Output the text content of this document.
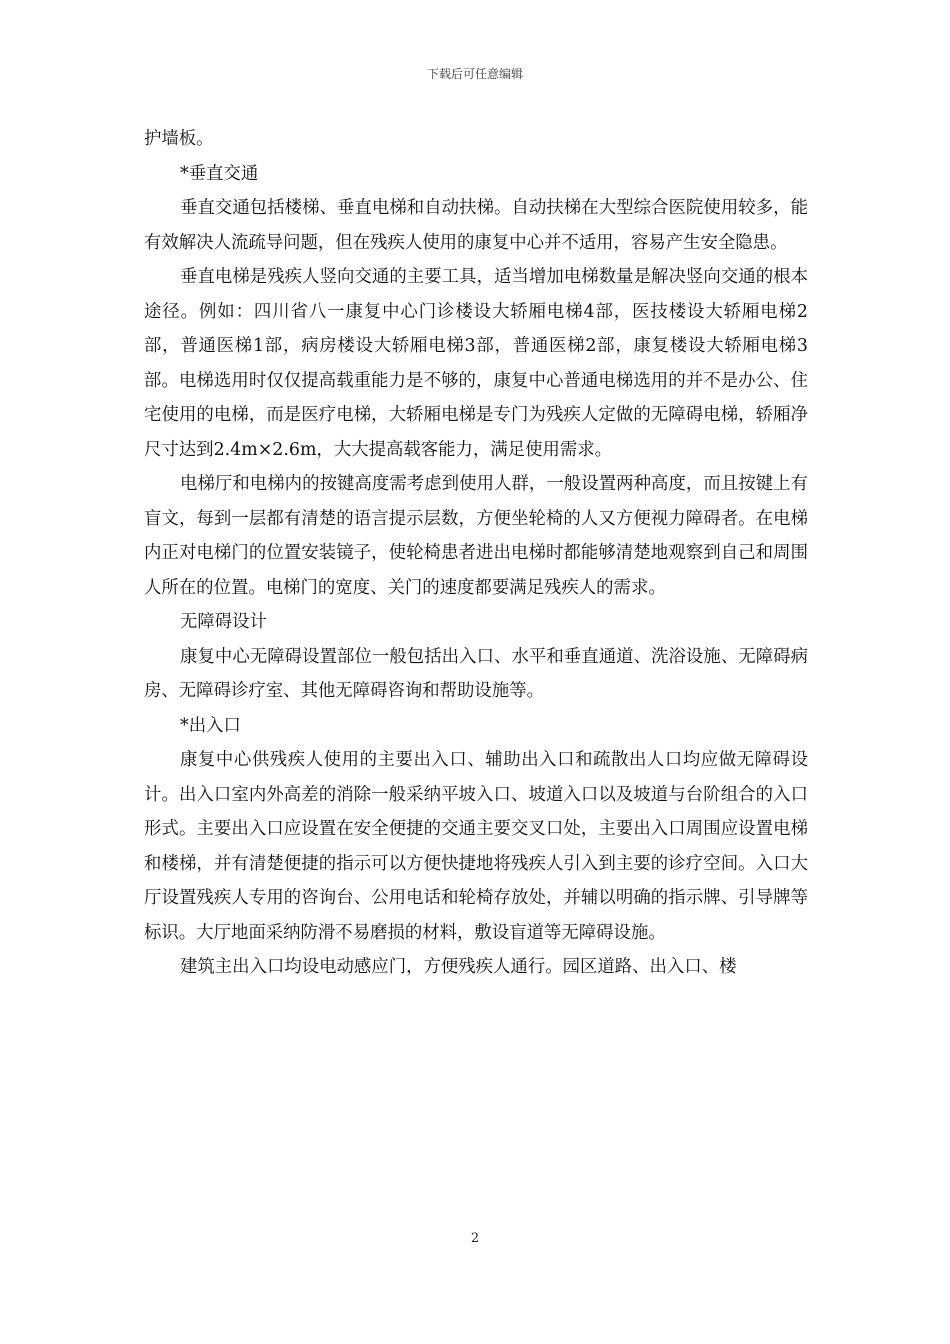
下载后可任意编辑

护墙板。

*垂直交通

垂直交通包括楼梯、垂直电梯和自动扶梯。自动扶梯在大型综合医院使用较多，能有效解决人流疏导问题，但在残疾人使用的康复中心并不适用，容易产生安全隐患。

垂直电梯是残疾人竖向交通的主要工具，适当增加电梯数量是解决竖向交通的根本途径。例如：四川省八一康复中心门诊楼设大轿厢电梯4部，医技楼设大轿厢电梯2部，普通医梯1部，病房楼设大轿厢电梯3部，普通医梯2部，康复楼设大轿厢电梯3部。电梯选用时仅仅提高载重能力是不够的，康复中心普通电梯选用的并不是办公、住宅使用的电梯，而是医疗电梯，大轿厢电梯是专门为残疾人定做的无障碍电梯，轿厢净尺寸达到2.4m×2.6m，大大提高载客能力，满足使用需求。

电梯厅和电梯内的按键高度需考虑到使用人群，一般设置两种高度，而且按键上有盲文，每到一层都有清楚的语言提示层数，方便坐轮椅的人又方便视力障碍者。在电梯内正对电梯门的位置安装镜子，使轮椅患者进出电梯时都能够清楚地观察到自己和周围人所在的位置。电梯门的宽度、关门的速度都要满足残疾人的需求。

无障碍设计

康复中心无障碍设置部位一般包括出入口、水平和垂直通道、洗浴设施、无障碍病房、无障碍诊疗室、其他无障碍咨询和帮助设施等。

*出入口

康复中心供残疾人使用的主要出入口、辅助出入口和疏散出人口均应做无障碍设计。出入口室内外高差的消除一般采纳平坡入口、坡道入口以及坡道与台阶组合的入口形式。主要出入口应设置在安全便捷的交通主要交叉口处，主要出入口周围应设置电梯和楼梯，并有清楚便捷的指示可以方便快捷地将残疾人引入到主要的诊疗空间。入口大厅设置残疾人专用的咨询台、公用电话和轮椅存放处，并辅以明确的指示牌、引导牌等标识。大厅地面采纳防滑不易磨损的材料，敷设盲道等无障碍设施。

建筑主出入口均设电动感应门，方便残疾人通行。园区道路、出入口、楼

2
